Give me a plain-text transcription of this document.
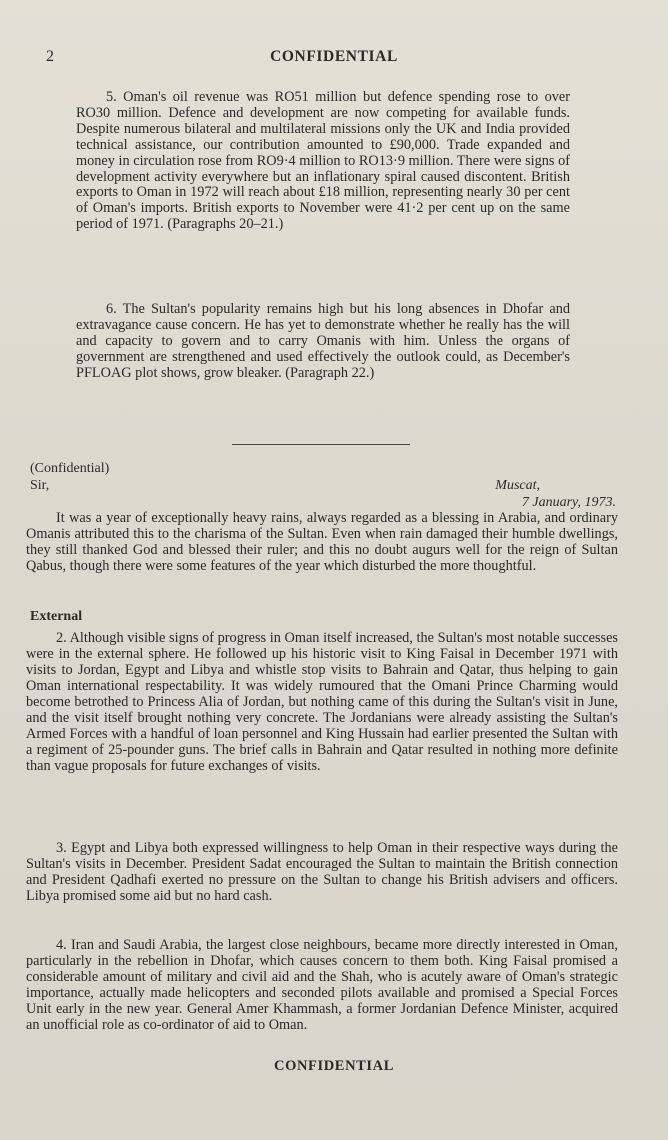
2	CONFIDENTIAL

5. Oman's oil revenue was RO51 million but defence spending rose to over RO30 million. Defence and development are now competing for available funds. Despite numerous bilateral and multilateral missions only the UK and India provided technical assistance, our contribution amounted to £90,000. Trade expanded and money in circulation rose from RO9·4 million to RO13·9 million. There were signs of development activity everywhere but an inflationary spiral caused discontent. British exports to Oman in 1972 will reach about £18 million, representing nearly 30 per cent of Oman's imports. British exports to November were 41·2 per cent up on the same period of 1971. (Paragraphs 20–21.)

6. The Sultan's popularity remains high but his long absences in Dhofar and extravagance cause concern. He has yet to demonstrate whether he really has the will and capacity to govern and to carry Omanis with him. Unless the organs of government are strengthened and used effectively the outlook could, as December's PFLOAG plot shows, grow bleaker. (Paragraph 22.)

(Confidential)
Sir,	Muscat,
7 January, 1973.

It was a year of exceptionally heavy rains, always regarded as a blessing in Arabia, and ordinary Omanis attributed this to the charisma of the Sultan. Even when rain damaged their humble dwellings, they still thanked God and blessed their ruler; and this no doubt augurs well for the reign of Sultan Qabus, though there were some features of the year which disturbed the more thoughtful.

External

2. Although visible signs of progress in Oman itself increased, the Sultan's most notable successes were in the external sphere. He followed up his historic visit to King Faisal in December 1971 with visits to Jordan, Egypt and Libya and whistle stop visits to Bahrain and Qatar, thus helping to gain Oman international respectability. It was widely rumoured that the Omani Prince Charming would become betrothed to Princess Alia of Jordan, but nothing came of this during the Sultan's visit in June, and the visit itself brought nothing very concrete. The Jordanians were already assisting the Sultan's Armed Forces with a handful of loan personnel and King Hussain had earlier presented the Sultan with a regiment of 25-pounder guns. The brief calls in Bahrain and Qatar resulted in nothing more definite than vague proposals for future exchanges of visits.

3. Egypt and Libya both expressed willingness to help Oman in their respective ways during the Sultan's visits in December. President Sadat encouraged the Sultan to maintain the British connection and President Qadhafi exerted no pressure on the Sultan to change his British advisers and officers. Libya promised some aid but no hard cash.

4. Iran and Saudi Arabia, the largest close neighbours, became more directly interested in Oman, particularly in the rebellion in Dhofar, which causes concern to them both. King Faisal promised a considerable amount of military and civil aid and the Shah, who is acutely aware of Oman's strategic importance, actually made helicopters and seconded pilots available and promised a Special Forces Unit early in the new year. General Amer Khammash, a former Jordanian Defence Minister, acquired an unofficial role as co-ordinator of aid to Oman.

CONFIDENTIAL
